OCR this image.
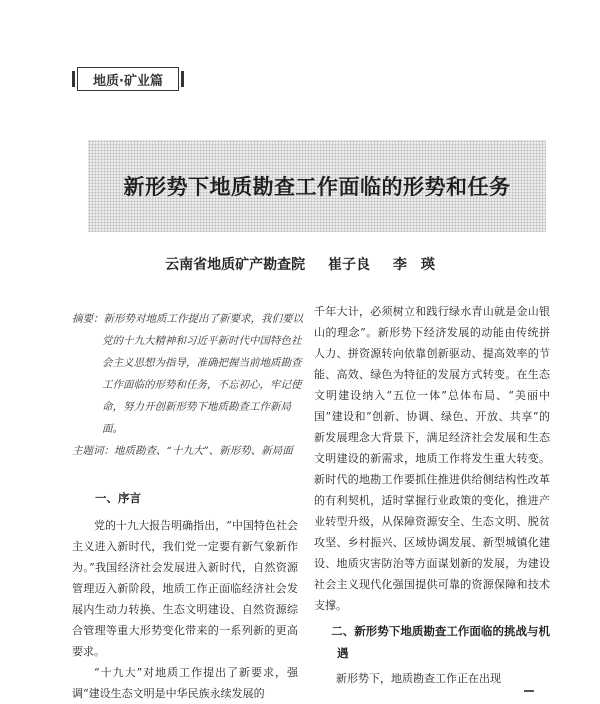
地质·矿业篇
新形势下地质勘查工作面临的形势和任务
云南省地质矿产勘查院 崔子良 李　瑛

摘要：新形势对地质工作提出了新要求，我们要以党的十九大精神和习近平新时代中国特色社会主义思想为指导，准确把握当前地质勘查工作面临的形势和任务，不忘初心，牢记使命，努力开创新形势下地质勘查工作新局面。

主题词：地质勘查、“十九大”、新形势、新局面

一、序言

党的十九大报告明确指出，“中国特色社会主义进入新时代，我们党一定要有新气象新作为。”我国经济社会发展进入新时代，自然资源管理迈入新阶段，地质工作正面临经济社会发展内生动力转换、生态文明建设、自然资源综合管理等重大形势变化带来的一系列新的更高要求。

“十九大”对地质工作提出了新要求，强调“建设生态文明是中华民族永续发展的

千年大计，必须树立和践行绿水青山就是金山银山的理念”。新形势下经济发展的动能由传统拼人力、拼资源转向依靠创新驱动、提高效率的节能、高效、绿色为特征的发展方式转变。在生态文明建设纳入“五位一体”总体布局、“美丽中国”建设和“创新、协调、绿色、开放、共享”的新发展理念大背景下，满足经济社会发展和生态文明建设的新需求，地质工作将发生重大转变。新时代的地勘工作要抓住推进供给侧结构性改革的有利契机，适时掌握行业政策的变化，推进产业转型升级，从保障资源安全、生态文明、脱贫攻坚、乡村振兴、区域协调发展、新型城镇化建设、地质灾害防治等方面谋划新的发展，为建设社会主义现代化强国提供可靠的资源保障和技术支撑。

二、新形势下地质勘查工作面临的挑战与机遇

新形势下，地质勘查工作正在出现
